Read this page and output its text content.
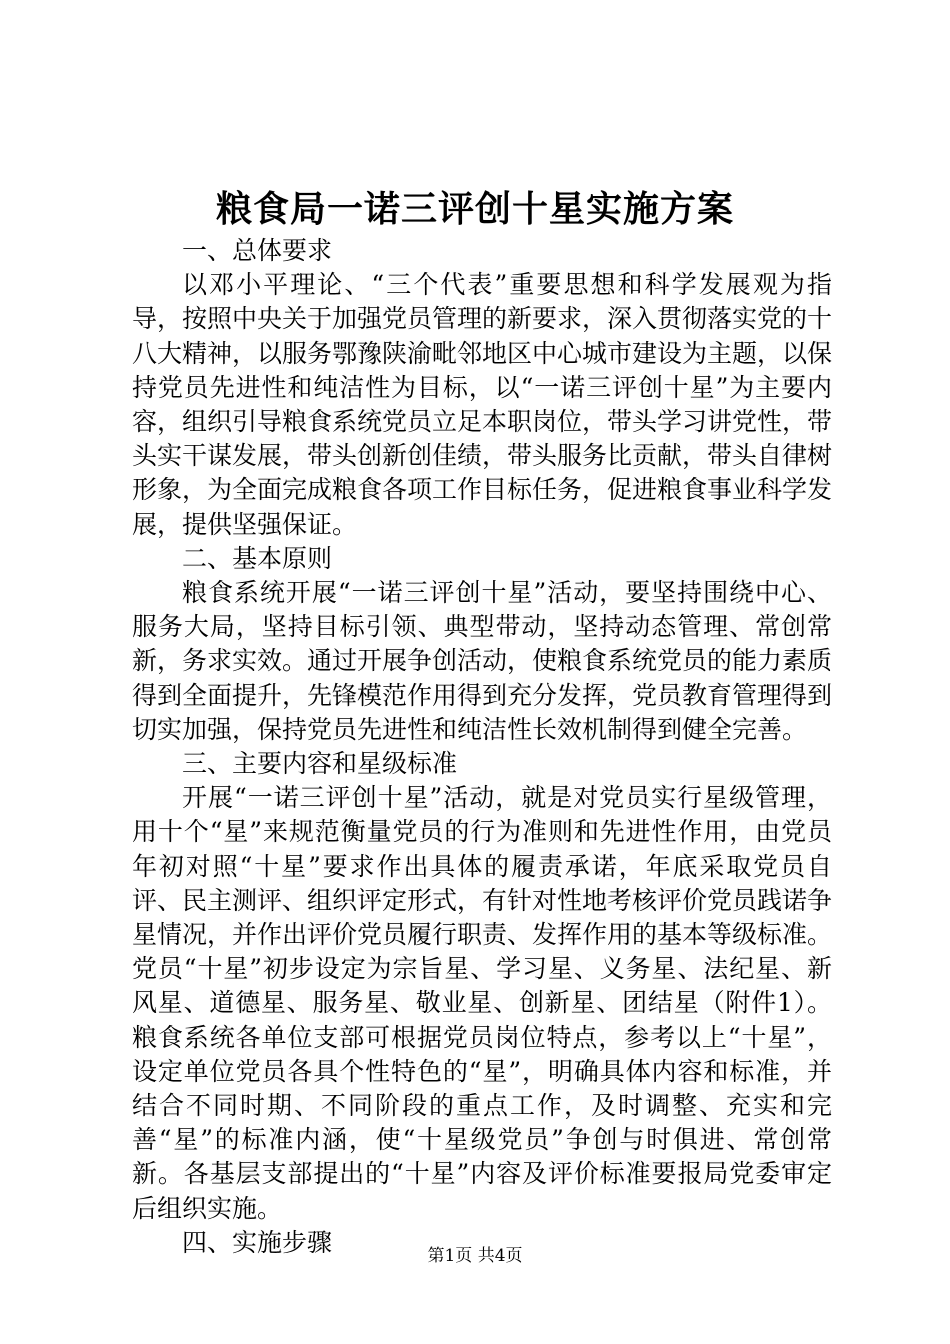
粮食局一诺三评创十星实施方案

一、总体要求

以邓小平理论、“三个代表”重要思想和科学发展观为指导，按照中央关于加强党员管理的新要求，深入贯彻落实党的十八大精神，以服务鄂豫陕渝毗邻地区中心城市建设为主题，以保持党员先进性和纯洁性为目标，以“一诺三评创十星”为主要内容，组织引导粮食系统党员立足本职岗位，带头学习讲党性，带头实干谋发展，带头创新创佳绩，带头服务比贡献，带头自律树形象，为全面完成粮食各项工作目标任务，促进粮食事业科学发展，提供坚强保证。

二、基本原则

粮食系统开展“一诺三评创十星”活动，要坚持围绕中心、服务大局，坚持目标引领、典型带动，坚持动态管理、常创常新，务求实效。通过开展争创活动，使粮食系统党员的能力素质得到全面提升，先锋模范作用得到充分发挥，党员教育管理得到切实加强，保持党员先进性和纯洁性长效机制得到健全完善。

三、主要内容和星级标准

开展“一诺三评创十星”活动，就是对党员实行星级管理，用十个“星”来规范衡量党员的行为准则和先进性作用，由党员年初对照“十星”要求作出具体的履责承诺，年底采取党员自评、民主测评、组织评定形式，有针对性地考核评价党员践诺争星情况，并作出评价党员履行职责、发挥作用的基本等级标准。党员“十星”初步设定为宗旨星、学习星、义务星、法纪星、新风星、道德星、服务星、敬业星、创新星、团结星（附件1）。粮食系统各单位支部可根据党员岗位特点，参考以上“十星”，设定单位党员各具个性特色的“星”，明确具体内容和标准，并结合不同时期、不同阶段的重点工作，及时调整、充实和完善“星”的标准内涵，使“十星级党员”争创与时俱进、常创常新。各基层支部提出的“十星”内容及评价标准要报局党委审定后组织实施。

四、实施步骤	第1页 共4页
